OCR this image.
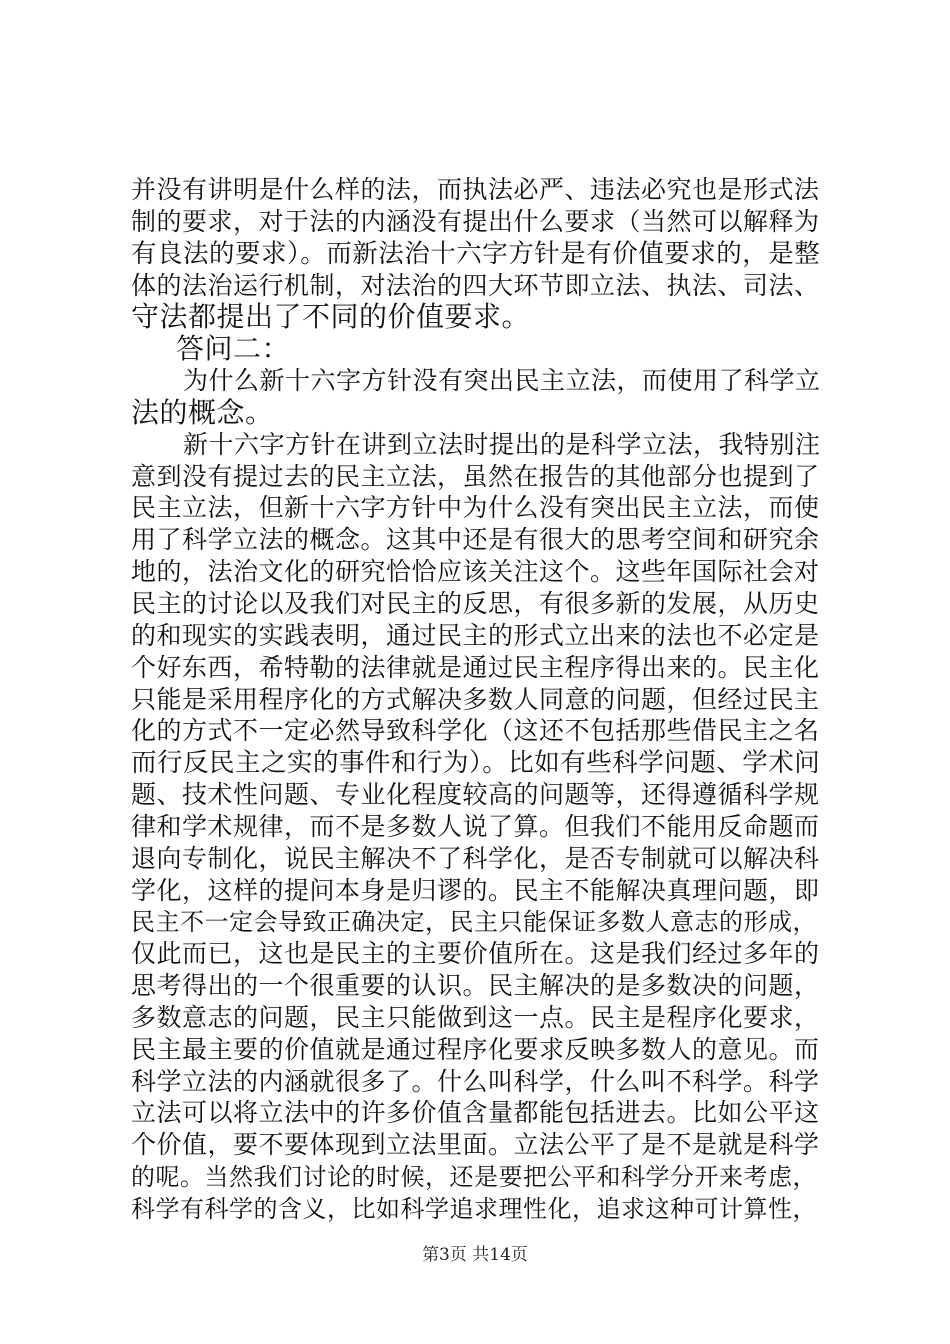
并没有讲明是什么样的法，而执法必严、违法必究也是形式法
制的要求，对于法的内涵没有提出什么要求（当然可以解释为
有良法的要求）。而新法治十六字方针是有价值要求的，是整
体的法治运行机制，对法治的四大环节即立法、执法、司法、
守法都提出了不同的价值要求。
答问二：
为什么新十六字方针没有突出民主立法，而使用了科学立
法的概念。
新十六字方针在讲到立法时提出的是科学立法，我特别注
意到没有提过去的民主立法，虽然在报告的其他部分也提到了
民主立法，但新十六字方针中为什么没有突出民主立法，而使
用了科学立法的概念。这其中还是有很大的思考空间和研究余
地的，法治文化的研究恰恰应该关注这个。这些年国际社会对
民主的讨论以及我们对民主的反思，有很多新的发展，从历史
的和现实的实践表明，通过民主的形式立出来的法也不必定是
个好东西，希特勒的法律就是通过民主程序得出来的。民主化
只能是采用程序化的方式解决多数人同意的问题，但经过民主
化的方式不一定必然导致科学化（这还不包括那些借民主之名
而行反民主之实的事件和行为）。比如有些科学问题、学术问
题、技术性问题、专业化程度较高的问题等，还得遵循科学规
律和学术规律，而不是多数人说了算。但我们不能用反命题而
退向专制化，说民主解决不了科学化，是否专制就可以解决科
学化，这样的提问本身是归谬的。民主不能解决真理问题，即
民主不一定会导致正确决定，民主只能保证多数人意志的形成，
仅此而已，这也是民主的主要价值所在。这是我们经过多年的
思考得出的一个很重要的认识。民主解决的是多数决的问题，
多数意志的问题，民主只能做到这一点。民主是程序化要求，
民主最主要的价值就是通过程序化要求反映多数人的意见。而
科学立法的内涵就很多了。什么叫科学，什么叫不科学。科学
立法可以将立法中的许多价值含量都能包括进去。比如公平这
个价值，要不要体现到立法里面。立法公平了是不是就是科学
的呢。当然我们讨论的时候，还是要把公平和科学分开来考虑，
科学有科学的含义，比如科学追求理性化，追求这种可计算性，
第3页 共14页
